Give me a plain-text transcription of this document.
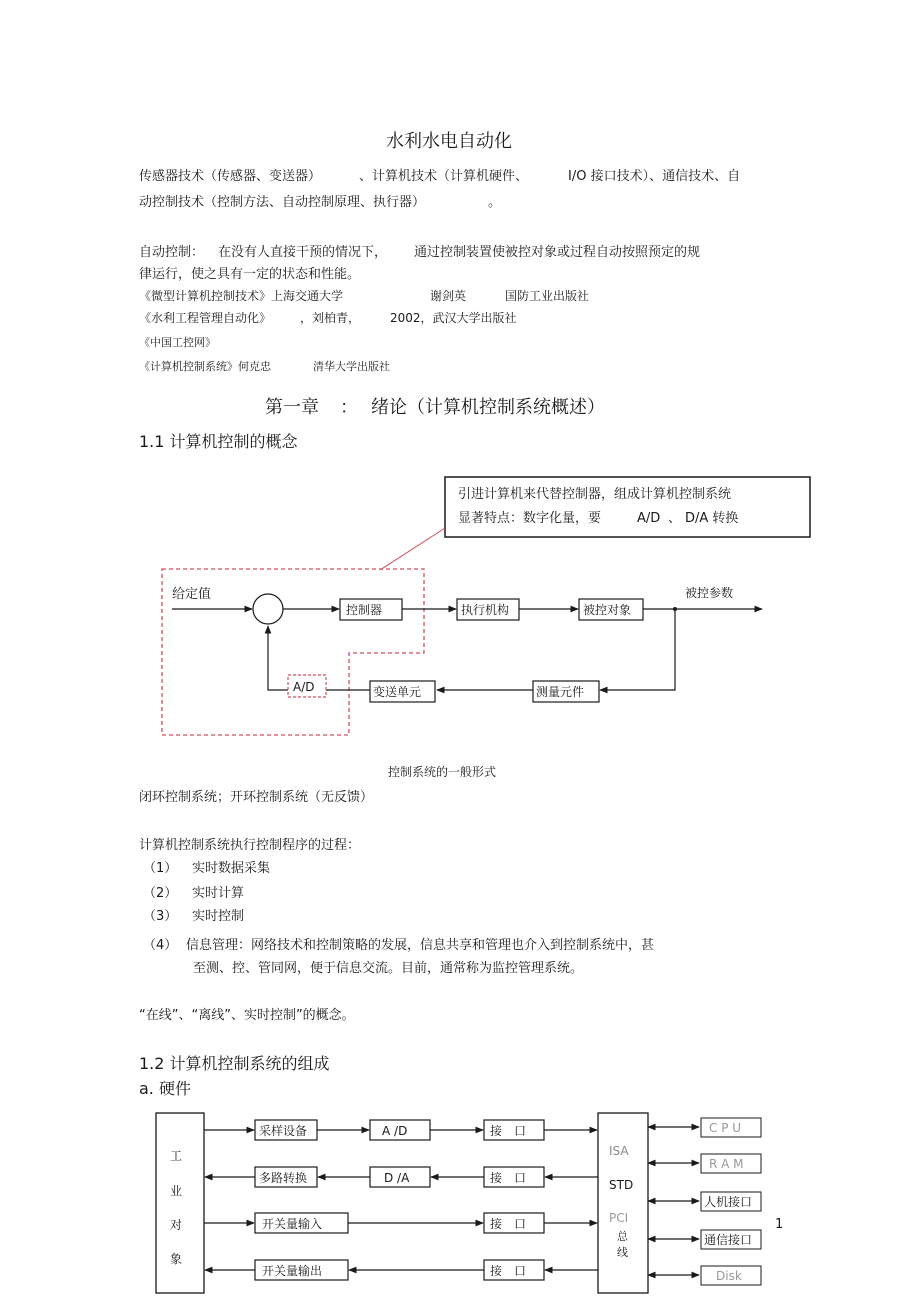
水利水电自动化
传感器技术（传感器、变送器）	、计算机技术（计算机硬件、	I/O 接口技术）、通信技术、自
动控制技术（控制方法、自动控制原理、执行器）	。
自动控制： 在没有人直接干预的情况下， 通过控制装置使被控对象或过程自动按照预定的规
律运行，使之具有一定的状态和性能。
《微型计算机控制技术》上海交通大学	谢剑英	国防工业出版社
《水利工程管理自动化》 ，刘柏青， 2002，武汉大学出版社
《中国工控网》
《计算机控制系统》何克忠	清华大学出版社
第一章 ： 绪论（计算机控制系统概述）
1.1 计算机控制的概念
引进计算机来代替控制器，组成计算机控制系统
显著特点：数字化量，要	A/D 、 D/A 转换
给定值
控制器	执行机构	被控对象
被控参数
测量元件
变送单元
A/D
控制系统的一般形式
闭环控制系统；开环控制系统（无反馈）
计算机控制系统执行控制程序的过程：
（1） 实时数据采集
（2） 实时计算
（3） 实时控制
（4） 信息管理：网络技术和控制策略的发展，信息共享和管理也介入到控制系统中，甚
至测、控、管同网，便于信息交流。目前，通常称为监控管理系统。
“在线”、“离线”、实时控制”的概念。
1.2 计算机控制系统的组成
a. 硬件
工
业
对
象
采样设备	A /D	接　口
多路转换	D /A	接　口
开关量输入	接　口
开关量输出	接　口
ISA
STD
PCI
总
线
C P U
R A M
人机接口
通信接口
Disk
1
